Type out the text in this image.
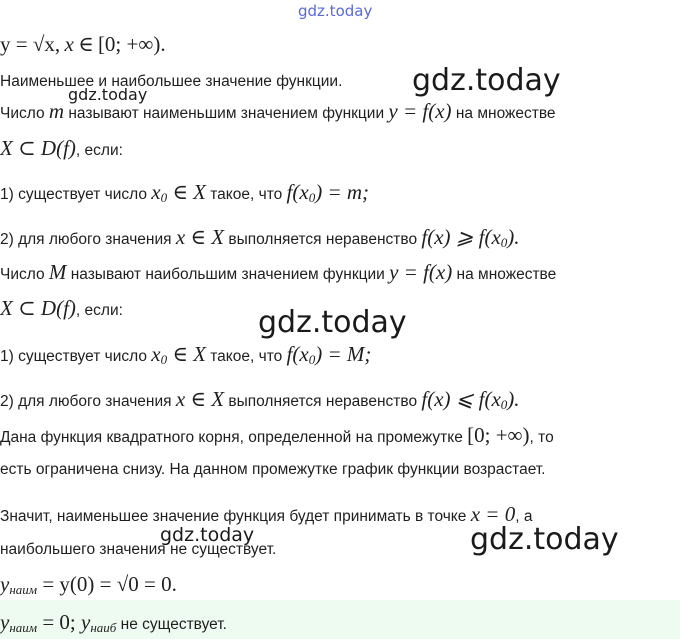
gdz.today
gdz.today
gdz.today
gdz.today
gdz.today
gdz.today
y = √x, x ∈ [0; +∞).
Наименьшее и наибольшее значение функции.
Число m называют наименьшим значением функции y = f(x) на множестве
X ⊂ D(f), если:
1) существует число $x_0$ ∈ X такое, что $f(x_0) = m$;
2) для любого значения x ∈ X выполняется неравенство f(x) ⩾ $f(x_0)$.
Число M называют наибольшим значением функции y = f(x) на множестве
X ⊂ D(f), если:
1) существует число $x_0$ ∈ X такое, что $f(x_0) = M$;
2) для любого значения x ∈ X выполняется неравенство f(x) ⩽ $f(x_0)$.
Дана функция квадратного корня, определенной на промежутке [0; +∞), то
есть ограничена снизу. На данном промежутке график функции возрастает.
Значит, наименьшее значение функция будет принимать в точке x = 0, а
наибольшего значения не существует.
$y_{наим} = y(0) = √0 = 0$.
$y_{наим} = 0$; $y_{наиб}$ не существует.
